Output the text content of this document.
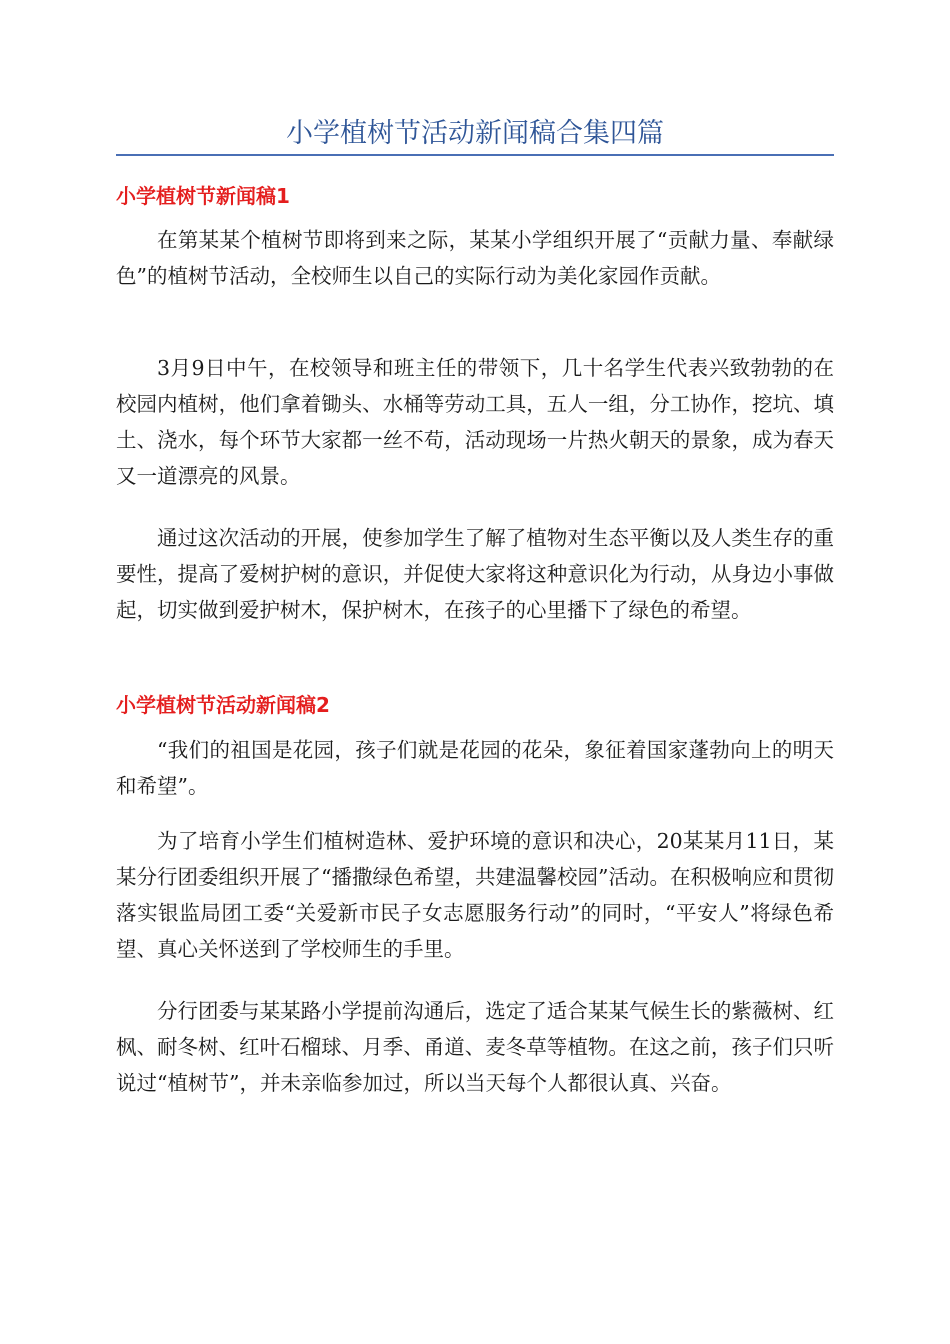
小学植树节活动新闻稿合集四篇
小学植树节新闻稿1

在第某某个植树节即将到来之际，某某小学组织开展了“贡献力量、奉献绿色”的植树节活动，全校师生以自己的实际行动为美化家园作贡献。

3月9日中午，在校领导和班主任的带领下，几十名学生代表兴致勃勃的在校园内植树，他们拿着锄头、水桶等劳动工具，五人一组，分工协作，挖坑、填土、浇水，每个环节大家都一丝不苟，活动现场一片热火朝天的景象，成为春天又一道漂亮的风景。

通过这次活动的开展，使参加学生了解了植物对生态平衡以及人类生存的重要性，提高了爱树护树的意识，并促使大家将这种意识化为行动，从身边小事做起，切实做到爱护树木，保护树木，在孩子的心里播下了绿色的希望。

小学植树节活动新闻稿2

“我们的祖国是花园，孩子们就是花园的花朵，象征着国家蓬勃向上的明天和希望”。

为了培育小学生们植树造林、爱护环境的意识和决心，20某某月11日，某某分行团委组织开展了“播撒绿色希望，共建温馨校园”活动。在积极响应和贯彻落实银监局团工委“关爱新市民子女志愿服务行动”的同时，“平安人”将绿色希望、真心关怀送到了学校师生的手里。

分行团委与某某路小学提前沟通后，选定了适合某某气候生长的紫薇树、红枫、耐冬树、红叶石榴球、月季、甬道、麦冬草等植物。在这之前，孩子们只听说过“植树节”，并未亲临参加过，所以当天每个人都很认真、兴奋。
